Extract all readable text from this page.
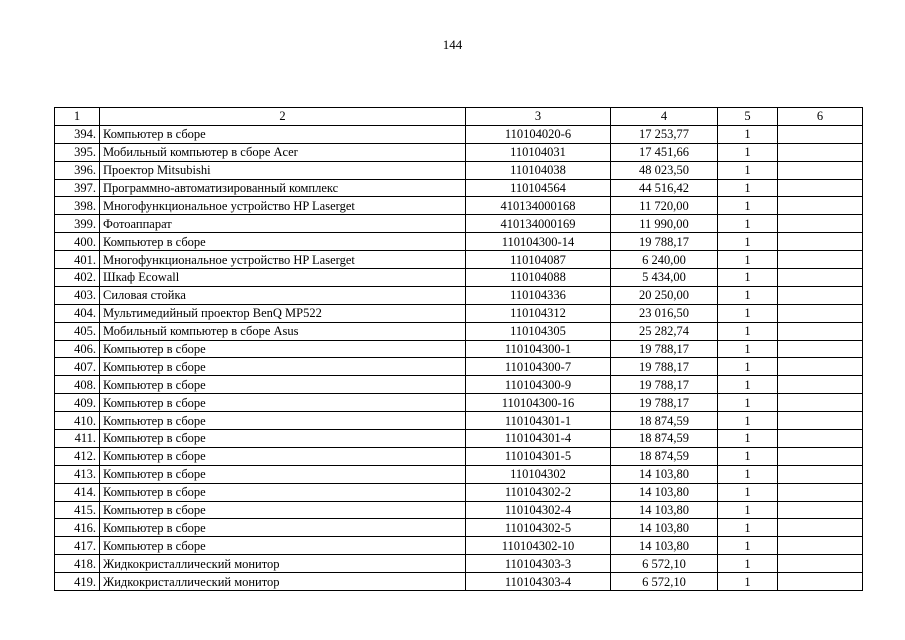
144
1	2	3	4	5	6
394.	Компьютер в сборе	110104020-6	17 253,77	1	
395.	Мобильный компьютер в сборе Acer	110104031	17 451,66	1	
396.	Проектор Mitsubishi	110104038	48 023,50	1	
397.	Программно-автоматизированный комплекс	110104564	44 516,42	1	
398.	Многофункциональное устройство HP Laserget	410134000168	11 720,00	1	
399.	Фотоаппарат	410134000169	11 990,00	1	
400.	Компьютер в сборе	110104300-14	19 788,17	1	
401.	Многофункциональное устройство HP Laserget	110104087	6 240,00	1	
402.	Шкаф Ecowall	110104088	5 434,00	1	
403.	Силовая стойка	110104336	20 250,00	1	
404.	Мультимедийный проектор BenQ MP522	110104312	23 016,50	1	
405.	Мобильный компьютер в сборе Asus	110104305	25 282,74	1	
406.	Компьютер в сборе	110104300-1	19 788,17	1	
407.	Компьютер в сборе	110104300-7	19 788,17	1	
408.	Компьютер в сборе	110104300-9	19 788,17	1	
409.	Компьютер в сборе	110104300-16	19 788,17	1	
410.	Компьютер в сборе	110104301-1	18 874,59	1	
411.	Компьютер в сборе	110104301-4	18 874,59	1	
412.	Компьютер в сборе	110104301-5	18 874,59	1	
413.	Компьютер в сборе	110104302	14 103,80	1	
414.	Компьютер в сборе	110104302-2	14 103,80	1	
415.	Компьютер в сборе	110104302-4	14 103,80	1	
416.	Компьютер в сборе	110104302-5	14 103,80	1	
417.	Компьютер в сборе	110104302-10	14 103,80	1	
418.	Жидкокристаллический монитор	110104303-3	6 572,10	1	
419.	Жидкокристаллический монитор	110104303-4	6 572,10	1	
